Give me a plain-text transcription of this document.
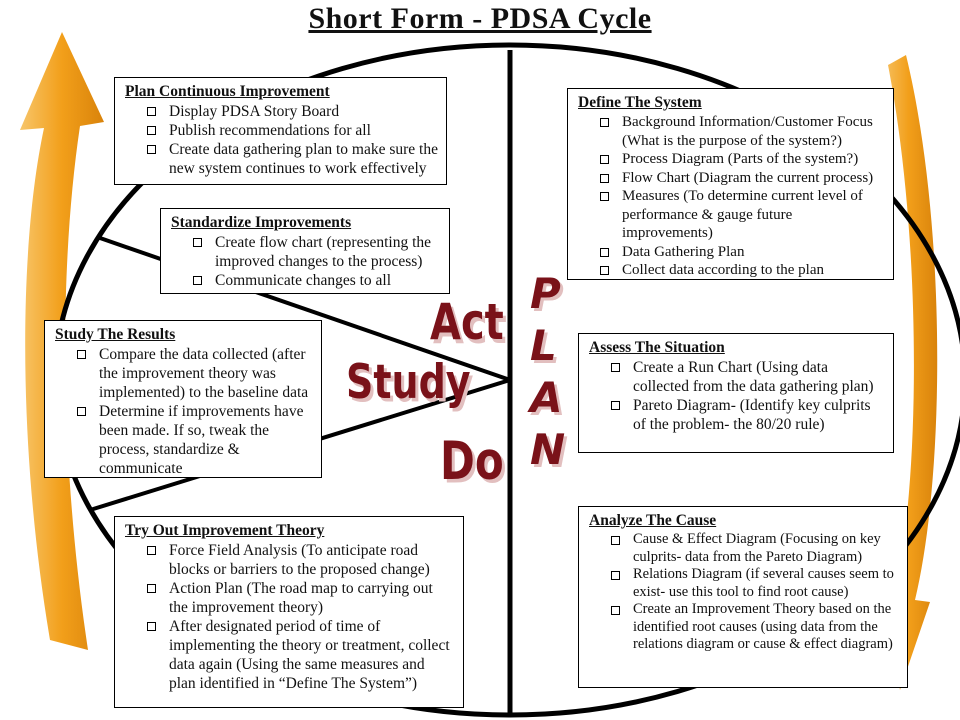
Short Form - PDSA Cycle
Plan Continuous Improvement
Display PDSA Story Board
Publish recommendations for all
Create data gathering plan to make sure the new system continues to work effectively
Standardize Improvements
Create flow chart (representing the improved changes to the process)
Communicate changes to all
Study The Results
Compare the data collected (after the improvement theory was implemented) to the baseline data
Determine if improvements have been made. If so, tweak the process, standardize & communicate
Try Out Improvement Theory
Force Field Analysis (To anticipate road blocks or barriers to the proposed change)
Action Plan (The road map to carrying out the improvement theory)
After designated period of time of implementing the theory or treatment, collect data again (Using the same measures and plan identified in “Define The System”)
Define The System
Background Information/Customer Focus (What is the purpose of the system?)
Process Diagram (Parts of the system?)
Flow Chart (Diagram the current process)
Measures (To determine current level of performance & gauge future improvements)
Data Gathering Plan
Collect data according to the plan
Assess The Situation
Create a Run Chart (Using data collected from the data gathering plan)
Pareto Diagram- (Identify key culprits of the problem- the 80/20 rule)
Analyze The Cause
Cause & Effect Diagram (Focusing on key culprits- data from the Pareto Diagram)
Relations Diagram (if several causes seem to exist- use this tool to find root cause)
Create an Improvement Theory based on the identified root causes (using data from the relations diagram or cause & effect diagram)
Act
Study
Do
P
L
A
N
